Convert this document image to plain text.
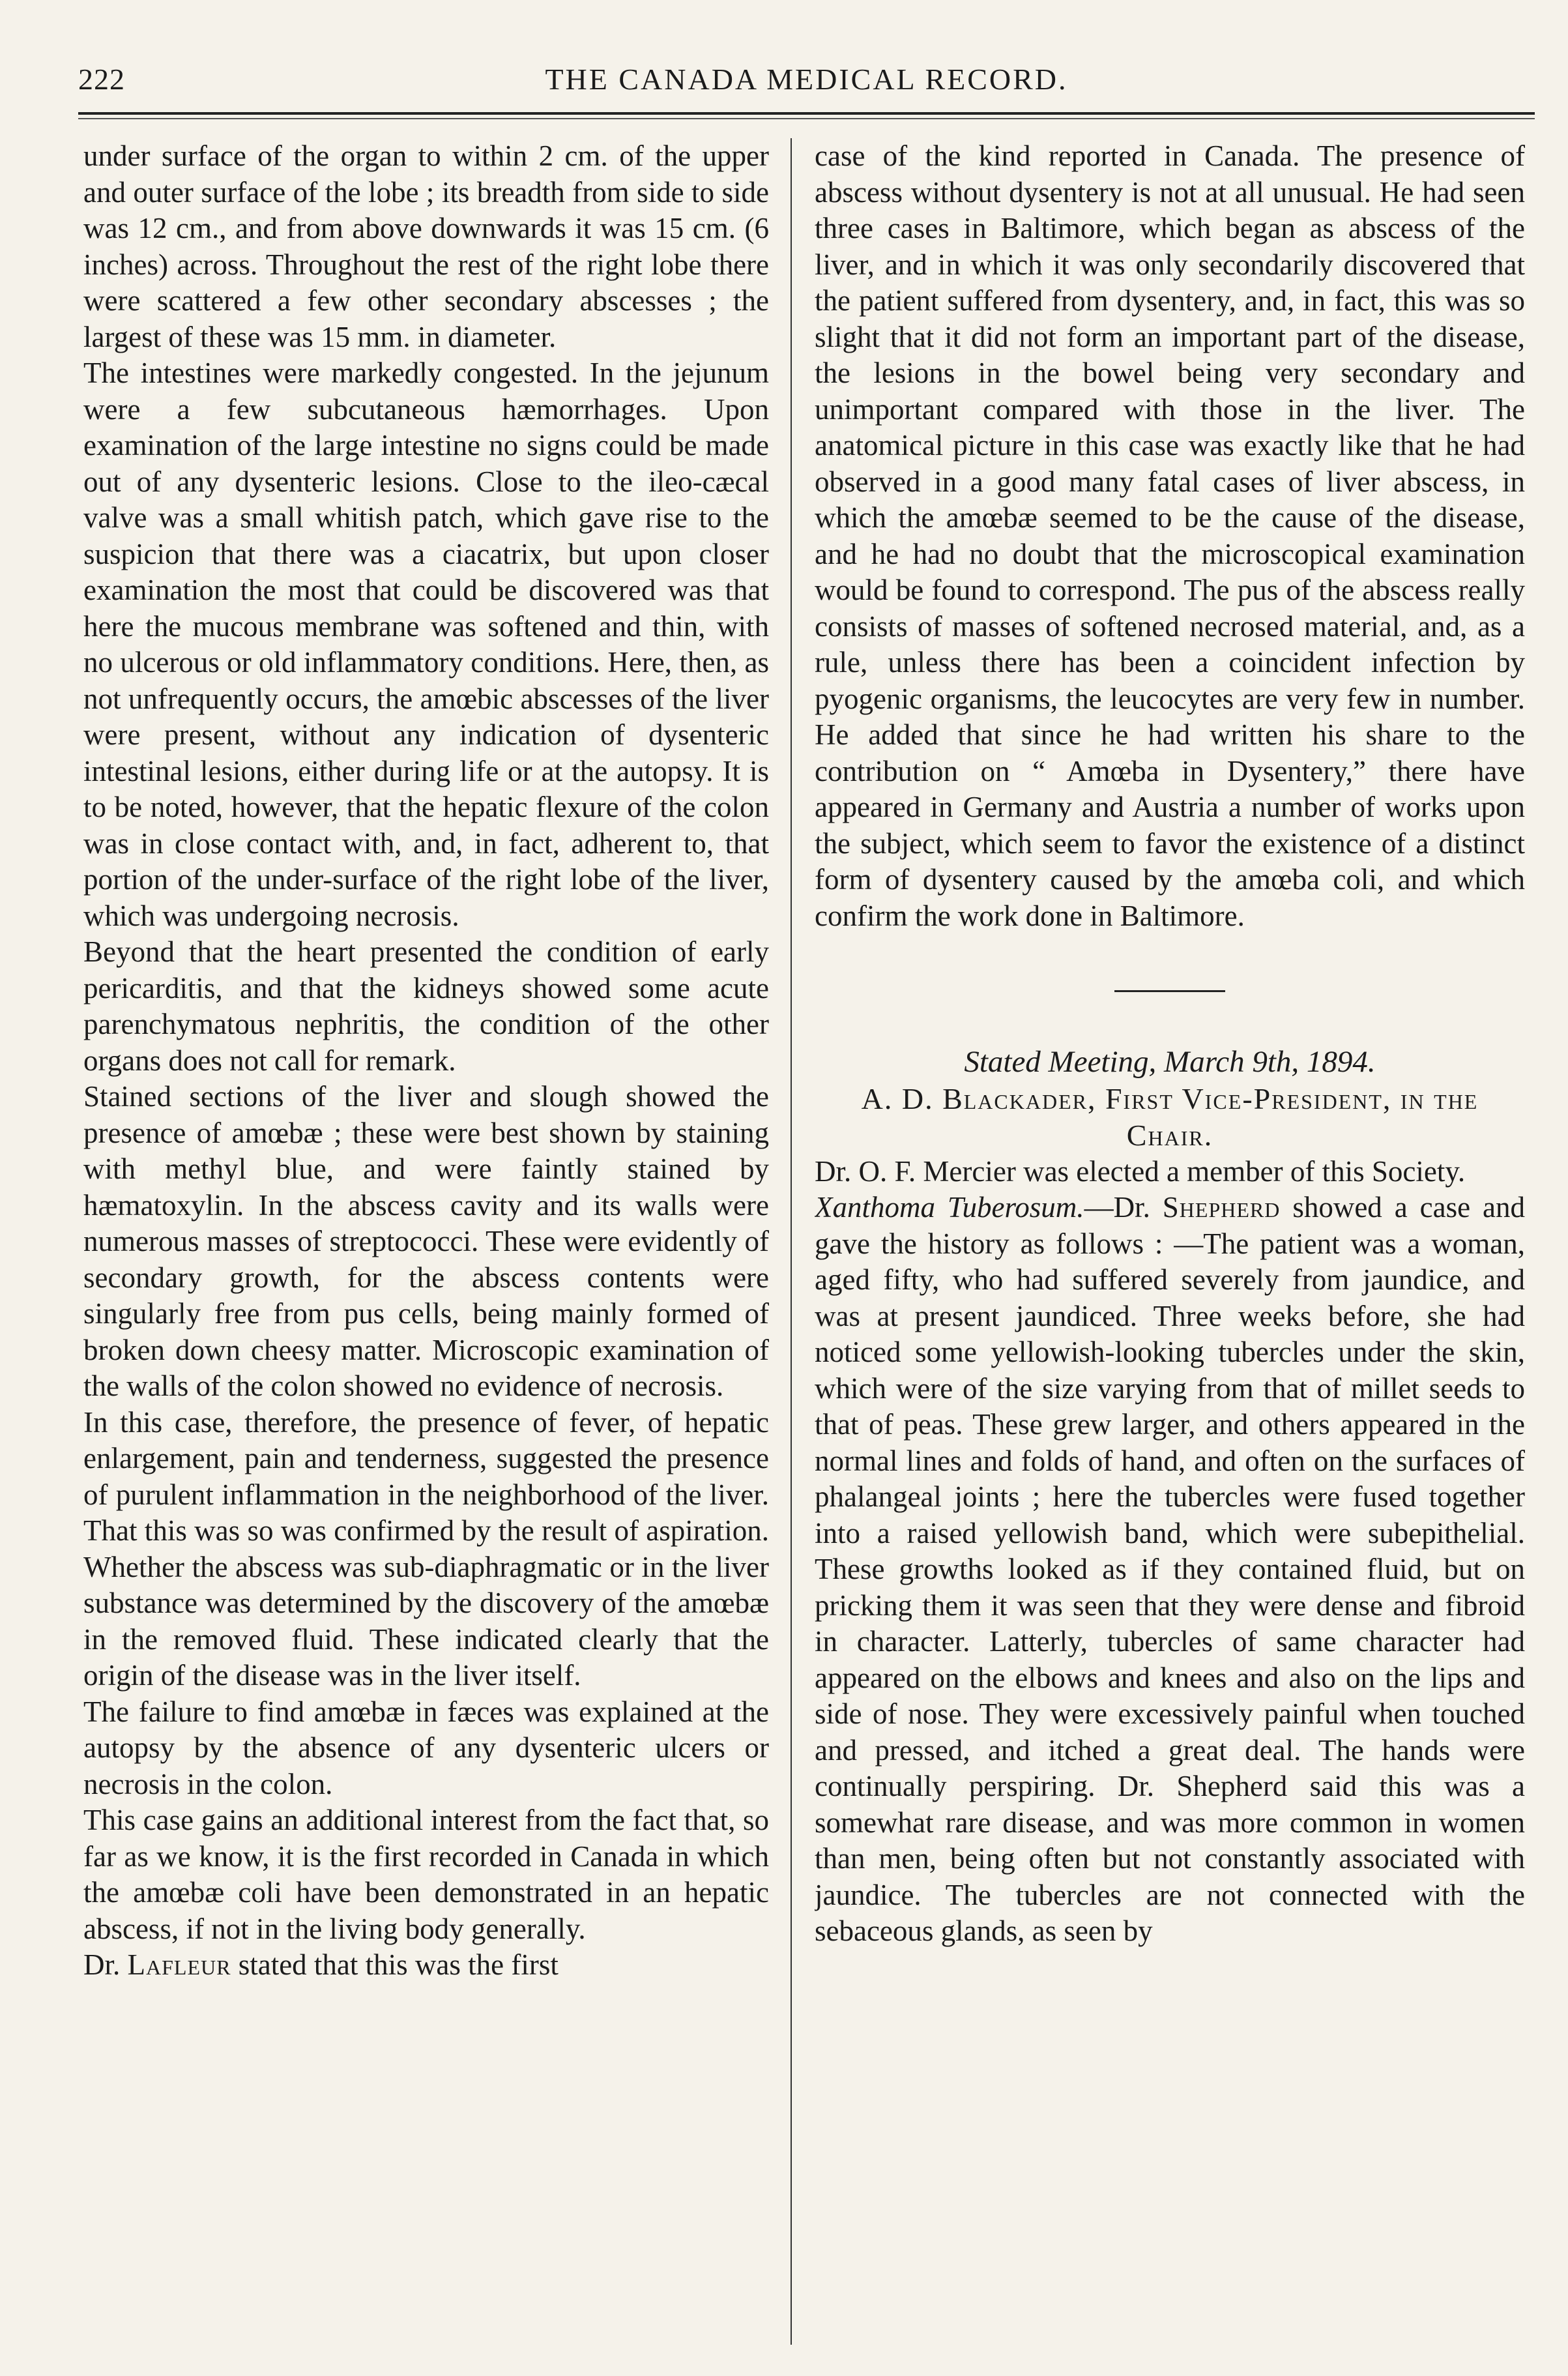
222	THE CANADA MEDICAL RECORD.

under surface of the organ to within 2 cm. of the upper and outer surface of the lobe ; its breadth from side to side was 12 cm., and from above downwards it was 15 cm. (6 inches) across. Throughout the rest of the right lobe there were scattered a few other secondary abscesses ; the largest of these was 15 mm. in diameter.

The intestines were markedly congested. In the jejunum were a few subcutaneous hæmorrhages. Upon examination of the large intestine no signs could be made out of any dysenteric lesions. Close to the ileo-cæcal valve was a small whitish patch, which gave rise to the suspicion that there was a ciacatrix, but upon closer examination the most that could be discovered was that here the mucous membrane was softened and thin, with no ulcerous or old inflammatory conditions. Here, then, as not unfrequently occurs, the amœbic abscesses of the liver were present, without any indication of dysenteric intestinal lesions, either during life or at the autopsy. It is to be noted, however, that the hepatic flexure of the colon was in close contact with, and, in fact, adherent to, that portion of the under-surface of the right lobe of the liver, which was undergoing necrosis.

Beyond that the heart presented the condition of early pericarditis, and that the kidneys showed some acute parenchymatous nephritis, the condition of the other organs does not call for remark.

Stained sections of the liver and slough showed the presence of amœbæ ; these were best shown by staining with methyl blue, and were faintly stained by hæmatoxylin. In the abscess cavity and its walls were numerous masses of streptococci. These were evidently of secondary growth, for the abscess contents were singularly free from pus cells, being mainly formed of broken down cheesy matter. Microscopic examination of the walls of the colon showed no evidence of necrosis.

In this case, therefore, the presence of fever, of hepatic enlargement, pain and tenderness, suggested the presence of purulent inflammation in the neighborhood of the liver. That this was so was confirmed by the result of aspiration. Whether the abscess was sub-diaphragmatic or in the liver substance was determined by the discovery of the amœbæ in the removed fluid. These indicated clearly that the origin of the disease was in the liver itself.

The failure to find amœbæ in fæces was explained at the autopsy by the absence of any dysenteric ulcers or necrosis in the colon.

This case gains an additional interest from the fact that, so far as we know, it is the first recorded in Canada in which the amœbæ coli have been demonstrated in an hepatic abscess, if not in the living body generally.

Dr. Lafleur stated that this was the first

case of the kind reported in Canada. The presence of abscess without dysentery is not at all unusual. He had seen three cases in Baltimore, which began as abscess of the liver, and in which it was only secondarily discovered that the patient suffered from dysentery, and, in fact, this was so slight that it did not form an important part of the disease, the lesions in the bowel being very secondary and unimportant compared with those in the liver. The anatomical picture in this case was exactly like that he had observed in a good many fatal cases of liver abscess, in which the amœbæ seemed to be the cause of the disease, and he had no doubt that the microscopical examination would be found to correspond. The pus of the abscess really consists of masses of softened necrosed material, and, as a rule, unless there has been a coincident infection by pyogenic organisms, the leucocytes are very few in number. He added that since he had written his share to the contribution on “ Amœba in Dysentery,” there have appeared in Germany and Austria a number of works upon the subject, which seem to favor the existence of a distinct form of dysentery caused by the amœba coli, and which confirm the work done in Baltimore.

Stated Meeting, March 9th, 1894.

A. D. Blackader, First Vice-President, in the Chair.

Dr. O. F. Mercier was elected a member of this Society.

Xanthoma Tuberosum.—Dr. Shepherd showed a case and gave the history as follows : —The patient was a woman, aged fifty, who had suffered severely from jaundice, and was at present jaundiced. Three weeks before, she had noticed some yellowish-looking tubercles under the skin, which were of the size varying from that of millet seeds to that of peas. These grew larger, and others appeared in the normal lines and folds of hand, and often on the surfaces of phalangeal joints ; here the tubercles were fused together into a raised yellowish band, which were subepithelial. These growths looked as if they contained fluid, but on pricking them it was seen that they were dense and fibroid in character. Latterly, tubercles of same character had appeared on the elbows and knees and also on the lips and side of nose. They were excessively painful when touched and pressed, and itched a great deal. The hands were continually perspiring. Dr. Shepherd said this was a somewhat rare disease, and was more common in women than men, being often but not constantly associated with jaundice. The tubercles are not connected with the sebaceous glands, as seen by
